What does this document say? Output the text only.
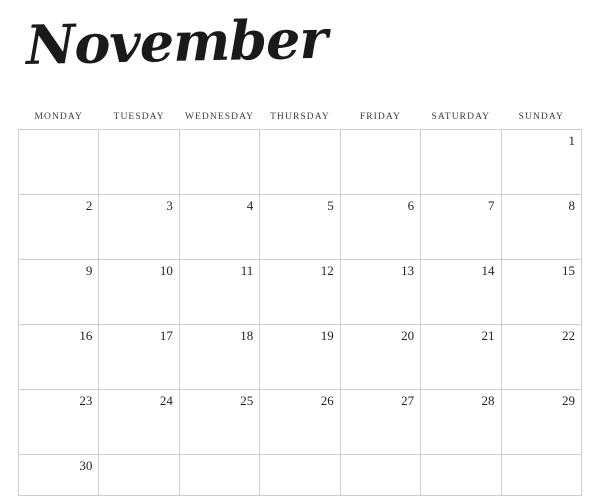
November
MONDAY	TUESDAY	WEDNESDAY	THURSDAY	FRIDAY	SATURDAY	SUNDAY

						1

2	3	4	5	6	7	8

9	10	11	12	13	14	15

16	17	18	19	20	21	22

23	24	25	26	27	28	29

30						
